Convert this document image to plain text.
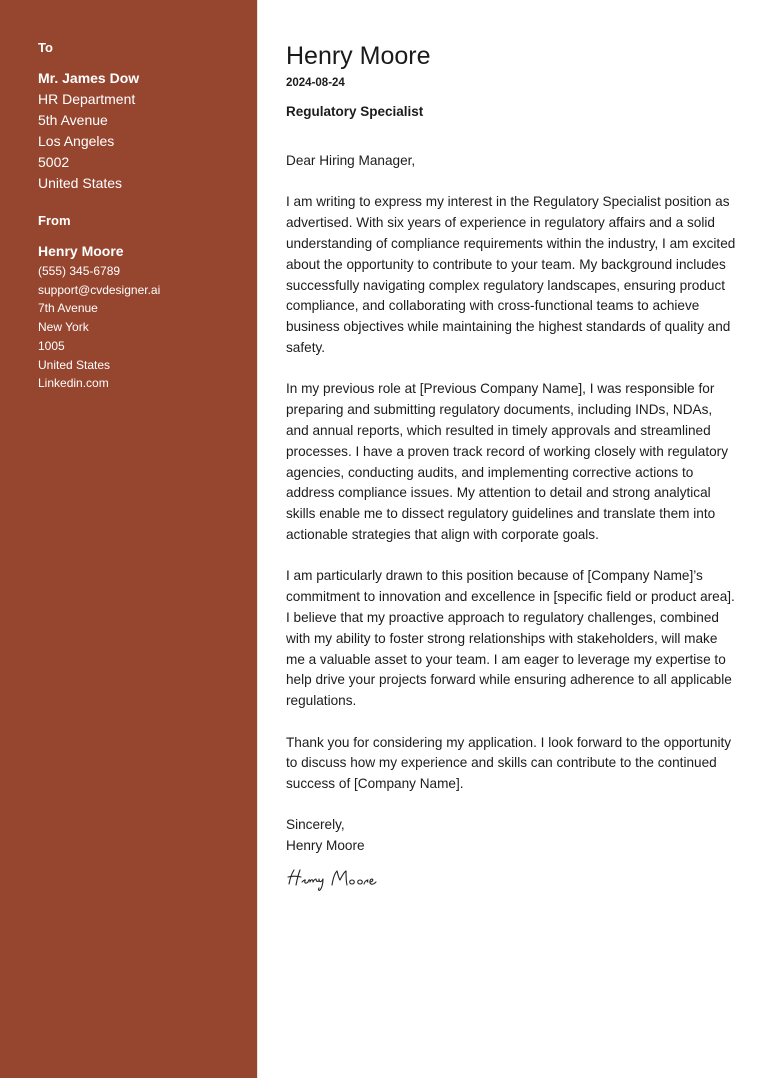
To
Mr. James Dow
HR Department
5th Avenue
Los Angeles
5002
United States
From
Henry Moore
(555) 345-6789
support@cvdesigner.ai
7th Avenue
New York
1005
United States
Linkedin.com
Henry Moore
2024-08-24
Regulatory Specialist
Dear Hiring Manager,
I am writing to express my interest in the Regulatory Specialist position as advertised. With six years of experience in regulatory affairs and a solid understanding of compliance requirements within the industry, I am excited about the opportunity to contribute to your team. My background includes successfully navigating complex regulatory landscapes, ensuring product compliance, and collaborating with cross-functional teams to achieve business objectives while maintaining the highest standards of quality and safety.
In my previous role at [Previous Company Name], I was responsible for preparing and submitting regulatory documents, including INDs, NDAs, and annual reports, which resulted in timely approvals and streamlined processes. I have a proven track record of working closely with regulatory agencies, conducting audits, and implementing corrective actions to address compliance issues. My attention to detail and strong analytical skills enable me to dissect regulatory guidelines and translate them into actionable strategies that align with corporate goals.
I am particularly drawn to this position because of [Company Name]’s commitment to innovation and excellence in [specific field or product area]. I believe that my proactive approach to regulatory challenges, combined with my ability to foster strong relationships with stakeholders, will make me a valuable asset to your team. I am eager to leverage my expertise to help drive your projects forward while ensuring adherence to all applicable regulations.
Thank you for considering my application. I look forward to the opportunity to discuss how my experience and skills can contribute to the continued success of [Company Name].
Sincerely,
Henry Moore
